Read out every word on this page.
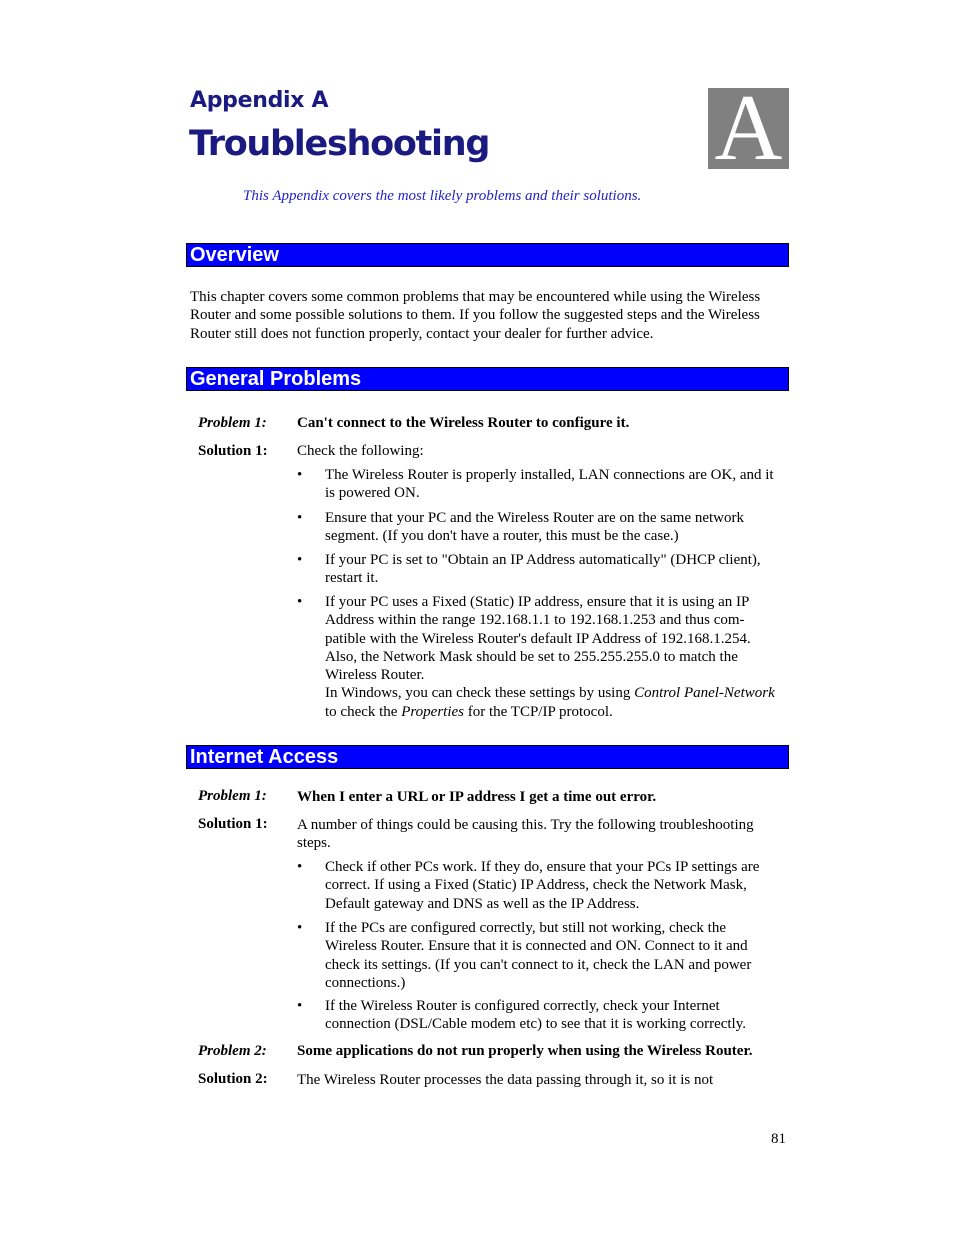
Appendix A
Troubleshooting A
This Appendix covers the most likely problems and their solutions.
Overview
This chapter covers some common problems that may be encountered while using the Wireless Router and some possible solutions to them. If you follow the suggested steps and the Wireless Router still does not function properly, contact your dealer for further advice.
General Problems
Problem 1: Can't connect to the Wireless Router to configure it.
Solution 1: Check the following:
• The Wireless Router is properly installed, LAN connections are OK, and it is powered ON.
• Ensure that your PC and the Wireless Router are on the same network segment. (If you don't have a router, this must be the case.)
• If your PC is set to "Obtain an IP Address automatically" (DHCP client), restart it.
• If your PC uses a Fixed (Static) IP address, ensure that it is using an IP Address within the range 192.168.1.1 to 192.168.1.253 and thus com-patible with the Wireless Router's default IP Address of 192.168.1.254. Also, the Network Mask should be set to 255.255.255.0 to match the Wireless Router.
In Windows, you can check these settings by using Control Panel-Network to check the Properties for the TCP/IP protocol.
Internet Access
Problem 1: When I enter a URL or IP address I get a time out error.
Solution 1: A number of things could be causing this. Try the following troubleshooting steps.
• Check if other PCs work. If they do, ensure that your PCs IP settings are correct. If using a Fixed (Static) IP Address, check the Network Mask, Default gateway and DNS as well as the IP Address.
• If the PCs are configured correctly, but still not working, check the Wireless Router. Ensure that it is connected and ON. Connect to it and check its settings. (If you can't connect to it, check the LAN and power connections.)
• If the Wireless Router is configured correctly, check your Internet connection (DSL/Cable modem etc) to see that it is working correctly.
Problem 2: Some applications do not run properly when using the Wireless Router.
Solution 2: The Wireless Router processes the data passing through it, so it is not
81
